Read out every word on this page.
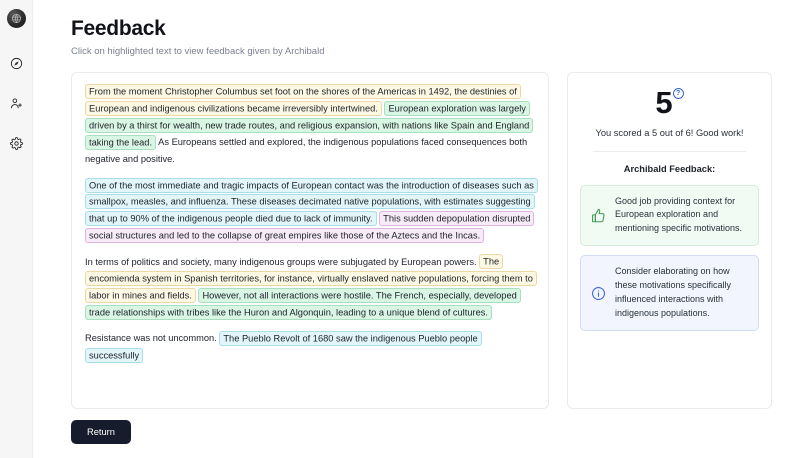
Feedback
Click on highlighted text to view feedback given by Archibald

From the moment Christopher Columbus set foot on the shores of the Americas in 1492, the destinies of European and indigenous civilizations became irreversibly intertwined. European exploration was largely driven by a thirst for wealth, new trade routes, and religious expansion, with nations like Spain and England taking the lead. As Europeans settled and explored, the indigenous populations faced consequences both negative and positive.

One of the most immediate and tragic impacts of European contact was the introduction of diseases such as smallpox, measles, and influenza. These diseases decimated native populations, with estimates suggesting that up to 90% of the indigenous people died due to lack of immunity. This sudden depopulation disrupted social structures and led to the collapse of great empires like those of the Aztecs and the Incas.

In terms of politics and society, many indigenous groups were subjugated by European powers. The encomienda system in Spanish territories, for instance, virtually enslaved native populations, forcing them to labor in mines and fields. However, not all interactions were hostile. The French, especially, developed trade relationships with tribes like the Huron and Algonquin, leading to a unique blend of cultures.

Resistance was not uncommon. The Pueblo Revolt of 1680 saw the indigenous Pueblo people successfully

5 ?
You scored a 5 out of 6! Good work!
Archibald Feedback:
Good job providing context for European exploration and mentioning specific motivations.
Consider elaborating on how these motivations specifically influenced interactions with indigenous populations.
Return
